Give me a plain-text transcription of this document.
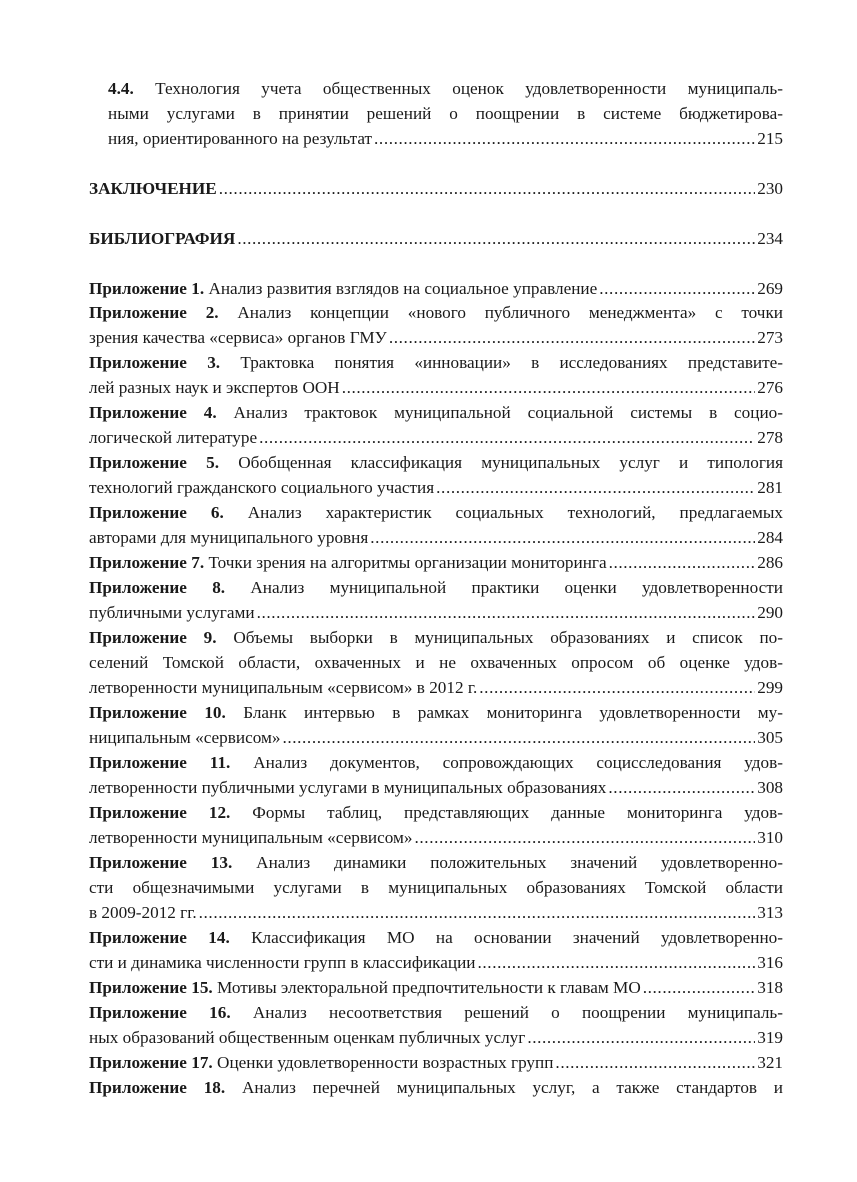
4.4. Технология учета общественных оценок удовлетворенности муниципаль-
ными услугами в принятии решений о поощрении в системе бюджетирова-
ния, ориентированного на результат .....	215
ЗАКЛЮЧЕНИЕ .....	230
БИБЛИОГРАФИЯ .....	234
Приложение 1. Анализ развития взглядов на социальное управление .....	269
Приложение 2. Анализ концепции «нового публичного менеджмента» с точки
зрения качества «сервиса» органов ГМУ .....	273
Приложение 3. Трактовка понятия «инновации» в исследованиях представите-
лей разных наук и экспертов ООН .....	276
Приложение 4. Анализ трактовок муниципальной социальной системы в социо-
логической литературе .....	278
Приложение 5. Обобщенная классификация муниципальных услуг и типология
технологий гражданского социального участия .....	281
Приложение 6. Анализ характеристик социальных технологий, предлагаемых
авторами для муниципального уровня .....	284
Приложение 7. Точки зрения на алгоритмы организации мониторинга .....	286
Приложение 8. Анализ муниципальной практики оценки удовлетворенности
публичными услугами .....	290
Приложение 9. Объемы выборки в муниципальных образованиях и список по-
селений Томской области, охваченных и не охваченных опросом об оценке удов-
летворенности муниципальным «сервисом» в 2012 г. .....	299
Приложение 10. Бланк интервью в рамках мониторинга удовлетворенности му-
ниципальным «сервисом» .....	305
Приложение 11. Анализ документов, сопровождающих социсследования удов-
летворенности публичными услугами в муниципальных образованиях .....	308
Приложение 12. Формы таблиц, представляющих данные мониторинга удов-
летворенности муниципальным «сервисом» .....	310
Приложение 13. Анализ динамики положительных значений удовлетворенно-
сти общезначимыми услугами в муниципальных образованиях Томской области
в 2009-2012 гг. .....	313
Приложение 14. Классификация МО на основании значений удовлетворенно-
сти и динамика численности групп в классификации .....	316
Приложение 15. Мотивы электоральной предпочтительности к главам МО .....	318
Приложение 16. Анализ несоответствия решений о поощрении муниципаль-
ных образований общественным оценкам публичных услуг .....	319
Приложение 17. Оценки удовлетворенности возрастных групп .....	321
Приложение 18. Анализ перечней муниципальных услуг, а также стандартов и
